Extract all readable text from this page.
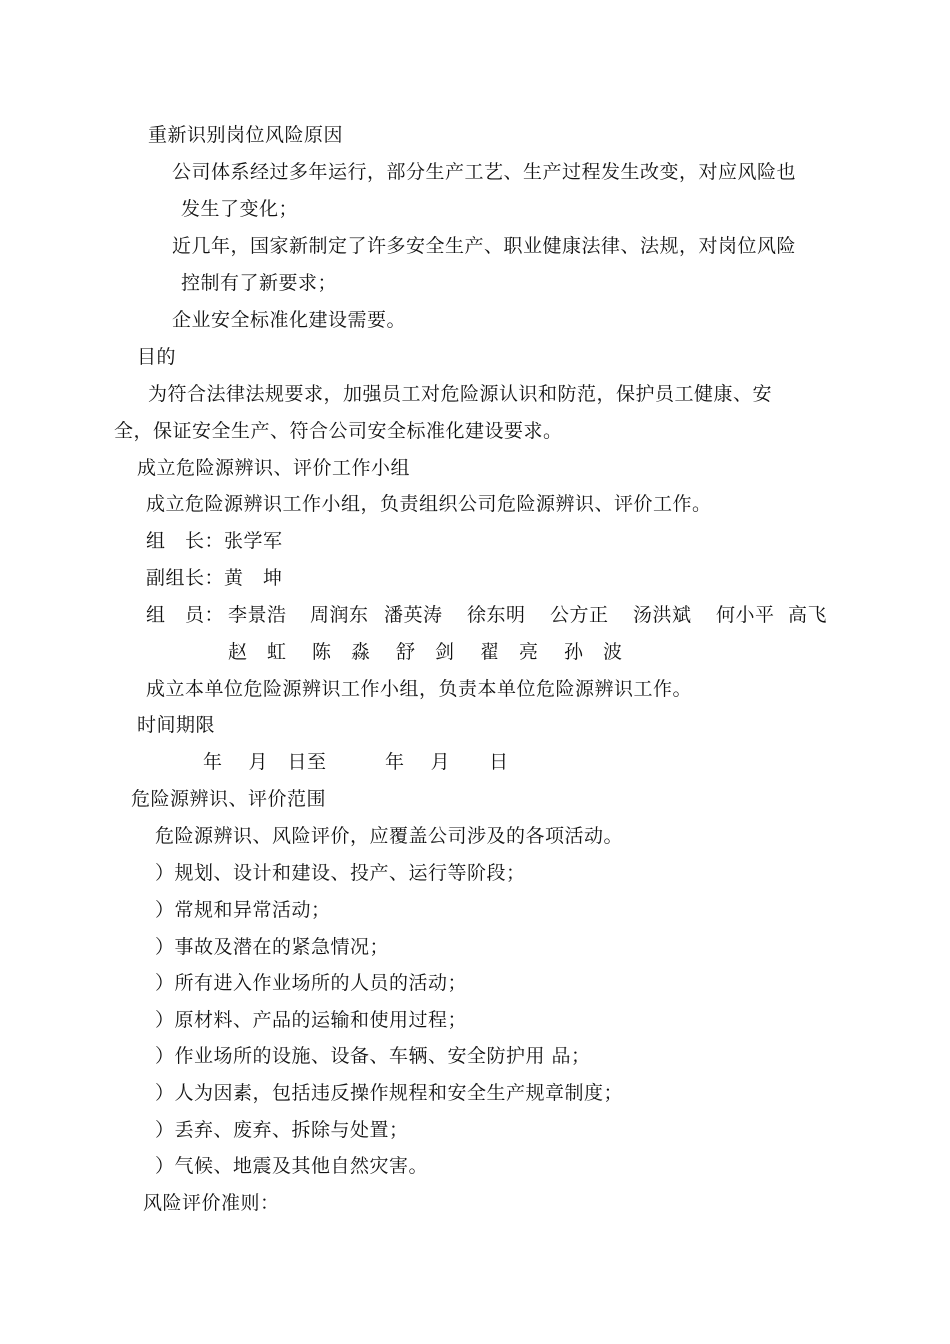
重新识别岗位风险原因
公司体系经过多年运行，部分生产工艺、生产过程发生改变，对应风险也
发生了变化；
近几年，国家新制定了许多安全生产、职业健康法律、法规，对岗位风险
控制有了新要求；
企业安全标准化建设需要。
目的
为符合法律法规要求，加强员工对危险源认识和防范，保护员工健康、安
全，保证安全生产、符合公司安全标准化建设要求。
成立危险源辨识、评价工作小组
成立危险源辨识工作小组，负责组织公司危险源辨识、评价工作。
组　长：张学军
副组长：黄　坤
组　员： 李景浩 周润东 潘英涛 徐东明 公方正 汤洪斌 何小平 高飞
赵　虹 陈　淼 舒　剑 翟　亮 孙　波
成立本单位危险源辨识工作小组，负责本单位危险源辨识工作。
时间期限
年　 月　日至　　　年　 月　　日
危险源辨识、评价范围
危险源辨识、风险评价，应覆盖公司涉及的各项活动。
）规划、设计和建设、投产、运行等阶段；
）常规和异常活动；
）事故及潜在的紧急情况；
）所有进入作业场所的人员的活动；
）原材料、产品的运输和使用过程；
）作业场所的设施、设备、车辆、安全防护用 品；
）人为因素，包括违反操作规程和安全生产规章制度；
）丢弃、废弃、拆除与处置；
）气候、地震及其他自然灾害。
风险评价准则：
